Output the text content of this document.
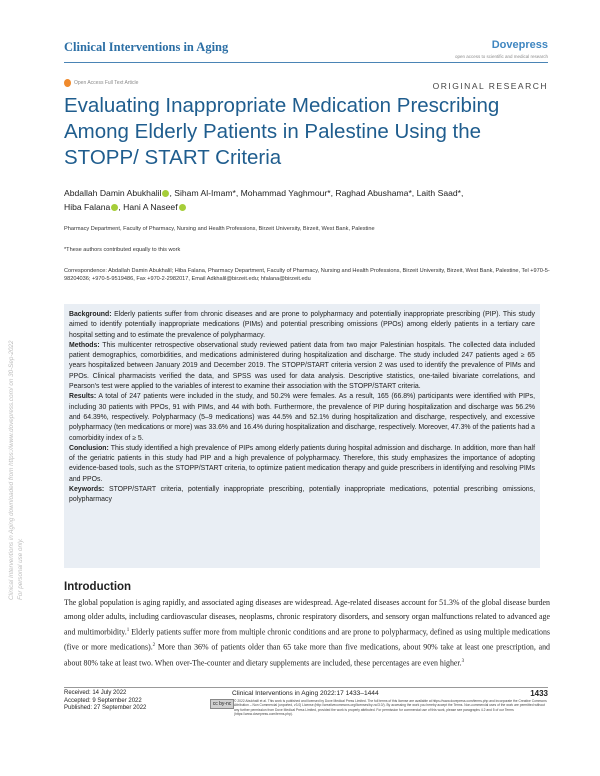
Clinical Interventions in Aging	Dovepress
open access to scientific and medical research
Open Access Full Text Article	ORIGINAL RESEARCH
Evaluating Inappropriate Medication Prescribing Among Elderly Patients in Palestine Using the STOPP/ START Criteria
Abdallah Damin Abukhalil , Siham Al-Imam*, Mohammad Yaghmour*, Raghad Abushama*, Laith Saad*,
Hiba Falana , Hani A Naseef
Pharmacy Department, Faculty of Pharmacy, Nursing and Health Professions, Birzeit University, Birzeit, West Bank, Palestine
*These authors contributed equally to this work
Correspondence: Abdallah Damin Abukhalil; Hiba Falana, Pharmacy Department, Faculty of Pharmacy, Nursing and Health Professions, Birzeit University, Birzeit, West Bank, Palestine, Tel +970-5-98204036; +970-5-9519486, Fax +970-2-2982017, Email Adkhalil@birzeit.edu; hfalana@birzeit.edu

Background: Elderly patients suffer from chronic diseases and are prone to polypharmacy and potentially inappropriate prescribing (PIP). This study aimed to identify potentially inappropriate medications (PIMs) and potential prescribing omissions (PPOs) among elderly patients in a tertiary care hospital setting and to estimate the prevalence of polypharmacy.

Methods: This multicenter retrospective observational study reviewed patient data from two major Palestinian hospitals. The collected data included patient demographics, comorbidities, and medications administered during hospitalization and discharge. The study included 247 patients aged ≥ 65 years hospitalized between January 2019 and December 2019. The STOPP/START criteria version 2 was used to identify the prevalence of PIMs and PPOs. Clinical pharmacists verified the data, and SPSS was used for data analysis. Descriptive statistics, one-tailed bivariate correlations, and Pearson's test were applied to the variables of interest to examine their association with the STOPP/START criteria.

Results: A total of 247 patients were included in the study, and 50.2% were females. As a result, 165 (66.8%) participants were identified with PIPs, including 30 patients with PPOs, 91 with PIMs, and 44 with both. Furthermore, the prevalence of PIP during hospitalization and discharge was 56.2% and 64.39%, respectively. Polypharmacy (5–9 medications) was 44.5% and 52.1% during hospitalization and discharge, respectively, and excessive polypharmacy (ten medications or more) was 33.6% and 16.4% during hospitalization and discharge, respectively. Moreover, 47.3% of the patients had a comorbidity index of ≥ 5.

Conclusion: This study identified a high prevalence of PIPs among elderly patients during hospital admission and discharge. In addition, more than half of the geriatric patients in this study had PIP and a high prevalence of polypharmacy. Therefore, this study emphasizes the importance of adopting evidence-based tools, such as the STOPP/START criteria, to optimize patient medication therapy and guide prescribers in identifying and resolving PIMs and PPOs.

Keywords: STOPP/START criteria, potentially inappropriate prescribing, potentially inappropriate medications, potential prescribing omissions, polypharmacy

Introduction
The global population is aging rapidly, and associated aging diseases are widespread. Age-related diseases account for 51.3% of the global disease burden among older adults, including cardiovascular diseases, neoplasms, chronic respiratory disorders, and sensory organ malfunctions related to advanced age and multimorbidity.$^1$ Elderly patients suffer more from multiple chronic conditions and are prone to polypharmacy, defined as using multiple medications (five or more medications).$^2$ More than 36% of patients older than 65 take more than five medications, about 90% take at least one prescription, and about 80% take at least two. When over-The-counter and dietary supplements are included, these percentages are even higher.$^3$
Clinical Interventions in Aging downloaded from https://www.dovepress.com/ on 30-Sep-2022 For personal use only.
Received: 14 July 2022
Accepted: 9 September 2022
Published: 27 September 2022
Clinical Interventions in Aging 2022:17 1433–1444	1433
cc by-nc © 2022 Abukhalil et al. This work is published and licensed by Dove Medical Press Limited. The full terms of this license are available at https://www.dovepress.com/terms.php and incorporate the Creative Commons Attribution – Non Commercial (unported, v3.0) License (http://creativecommons.org/licenses/by-nc/3.0/). By accessing the work you hereby accept the Terms. Non-commercial uses of the work are permitted without any further permission from Dove Medical Press Limited, provided the work is properly attributed. For permission for commercial use of this work, please see paragraphs 4.2 and 5 of our Terms (https://www.dovepress.com/terms.php).
